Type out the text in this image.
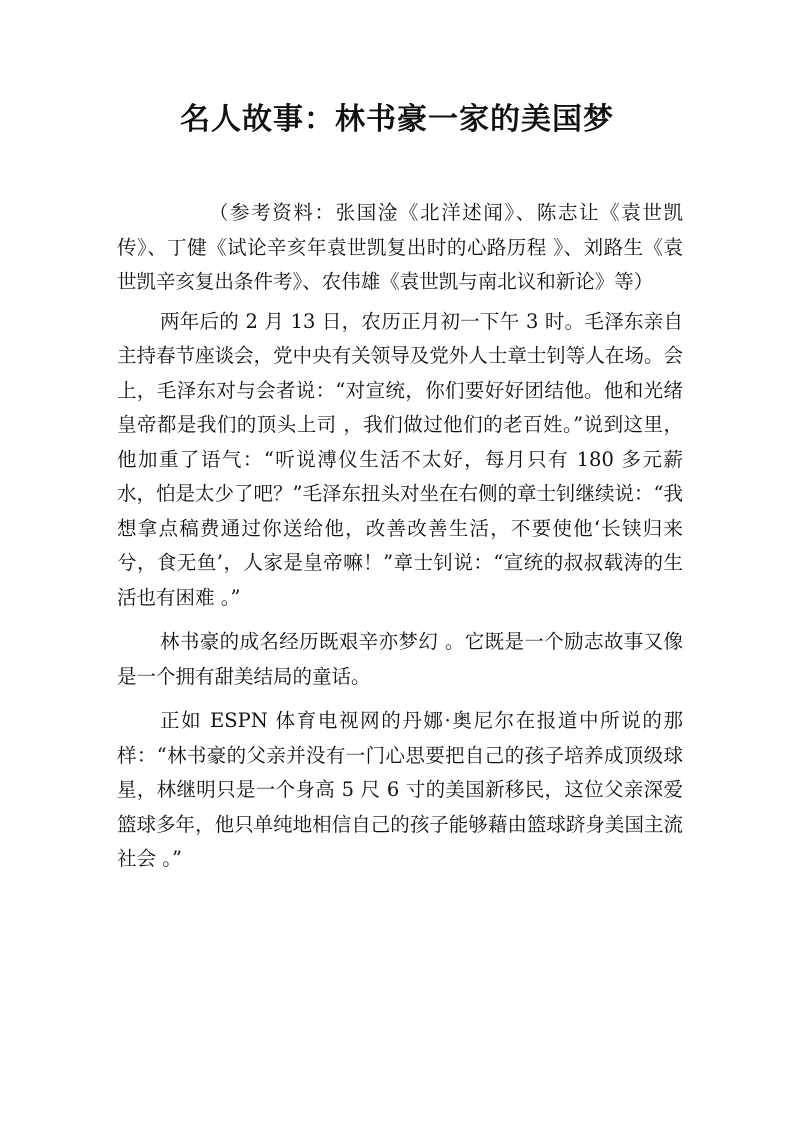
名人故事：林书豪一家的美国梦

（参考资料：张国淦《北洋述闻》、陈志让《袁世凯传》、丁健《试论辛亥年袁世凯复出时的心路历程 》、刘路生《袁世凯辛亥复出条件考》、农伟雄《袁世凯与南北议和新论》等）

两年后的 2 月 13 日，农历正月初一下午 3 时。毛泽东亲自主持春节座谈会，党中央有关领导及党外人士章士钊等人在场。会上，毛泽东对与会者说：“对宣统，你们要好好团结他。他和光绪皇帝都是我们的顶头上司 ，我们做过他们的老百姓。”说到这里，他加重了语气：“听说溥仪生活不太好，每月只有 180 多元薪水，怕是太少了吧？”毛泽东扭头对坐在右侧的章士钊继续说：“我想拿点稿费通过你送给他，改善改善生活，不要使他‘长铗归来兮，食无鱼’，人家是皇帝嘛！”章士钊说：“宣统的叔叔载涛的生活也有困难 。”

林书豪的成名经历既艰辛亦梦幻 。它既是一个励志故事又像是一个拥有甜美结局的童话。

正如 ESPN 体育电视网的丹娜·奥尼尔在报道中所说的那样：“林书豪的父亲并没有一门心思要把自己的孩子培养成顶级球星，林继明只是一个身高 5 尺 6 寸的美国新移民，这位父亲深爱篮球多年，他只单纯地相信自己的孩子能够藉由篮球跻身美国主流社会 。”
